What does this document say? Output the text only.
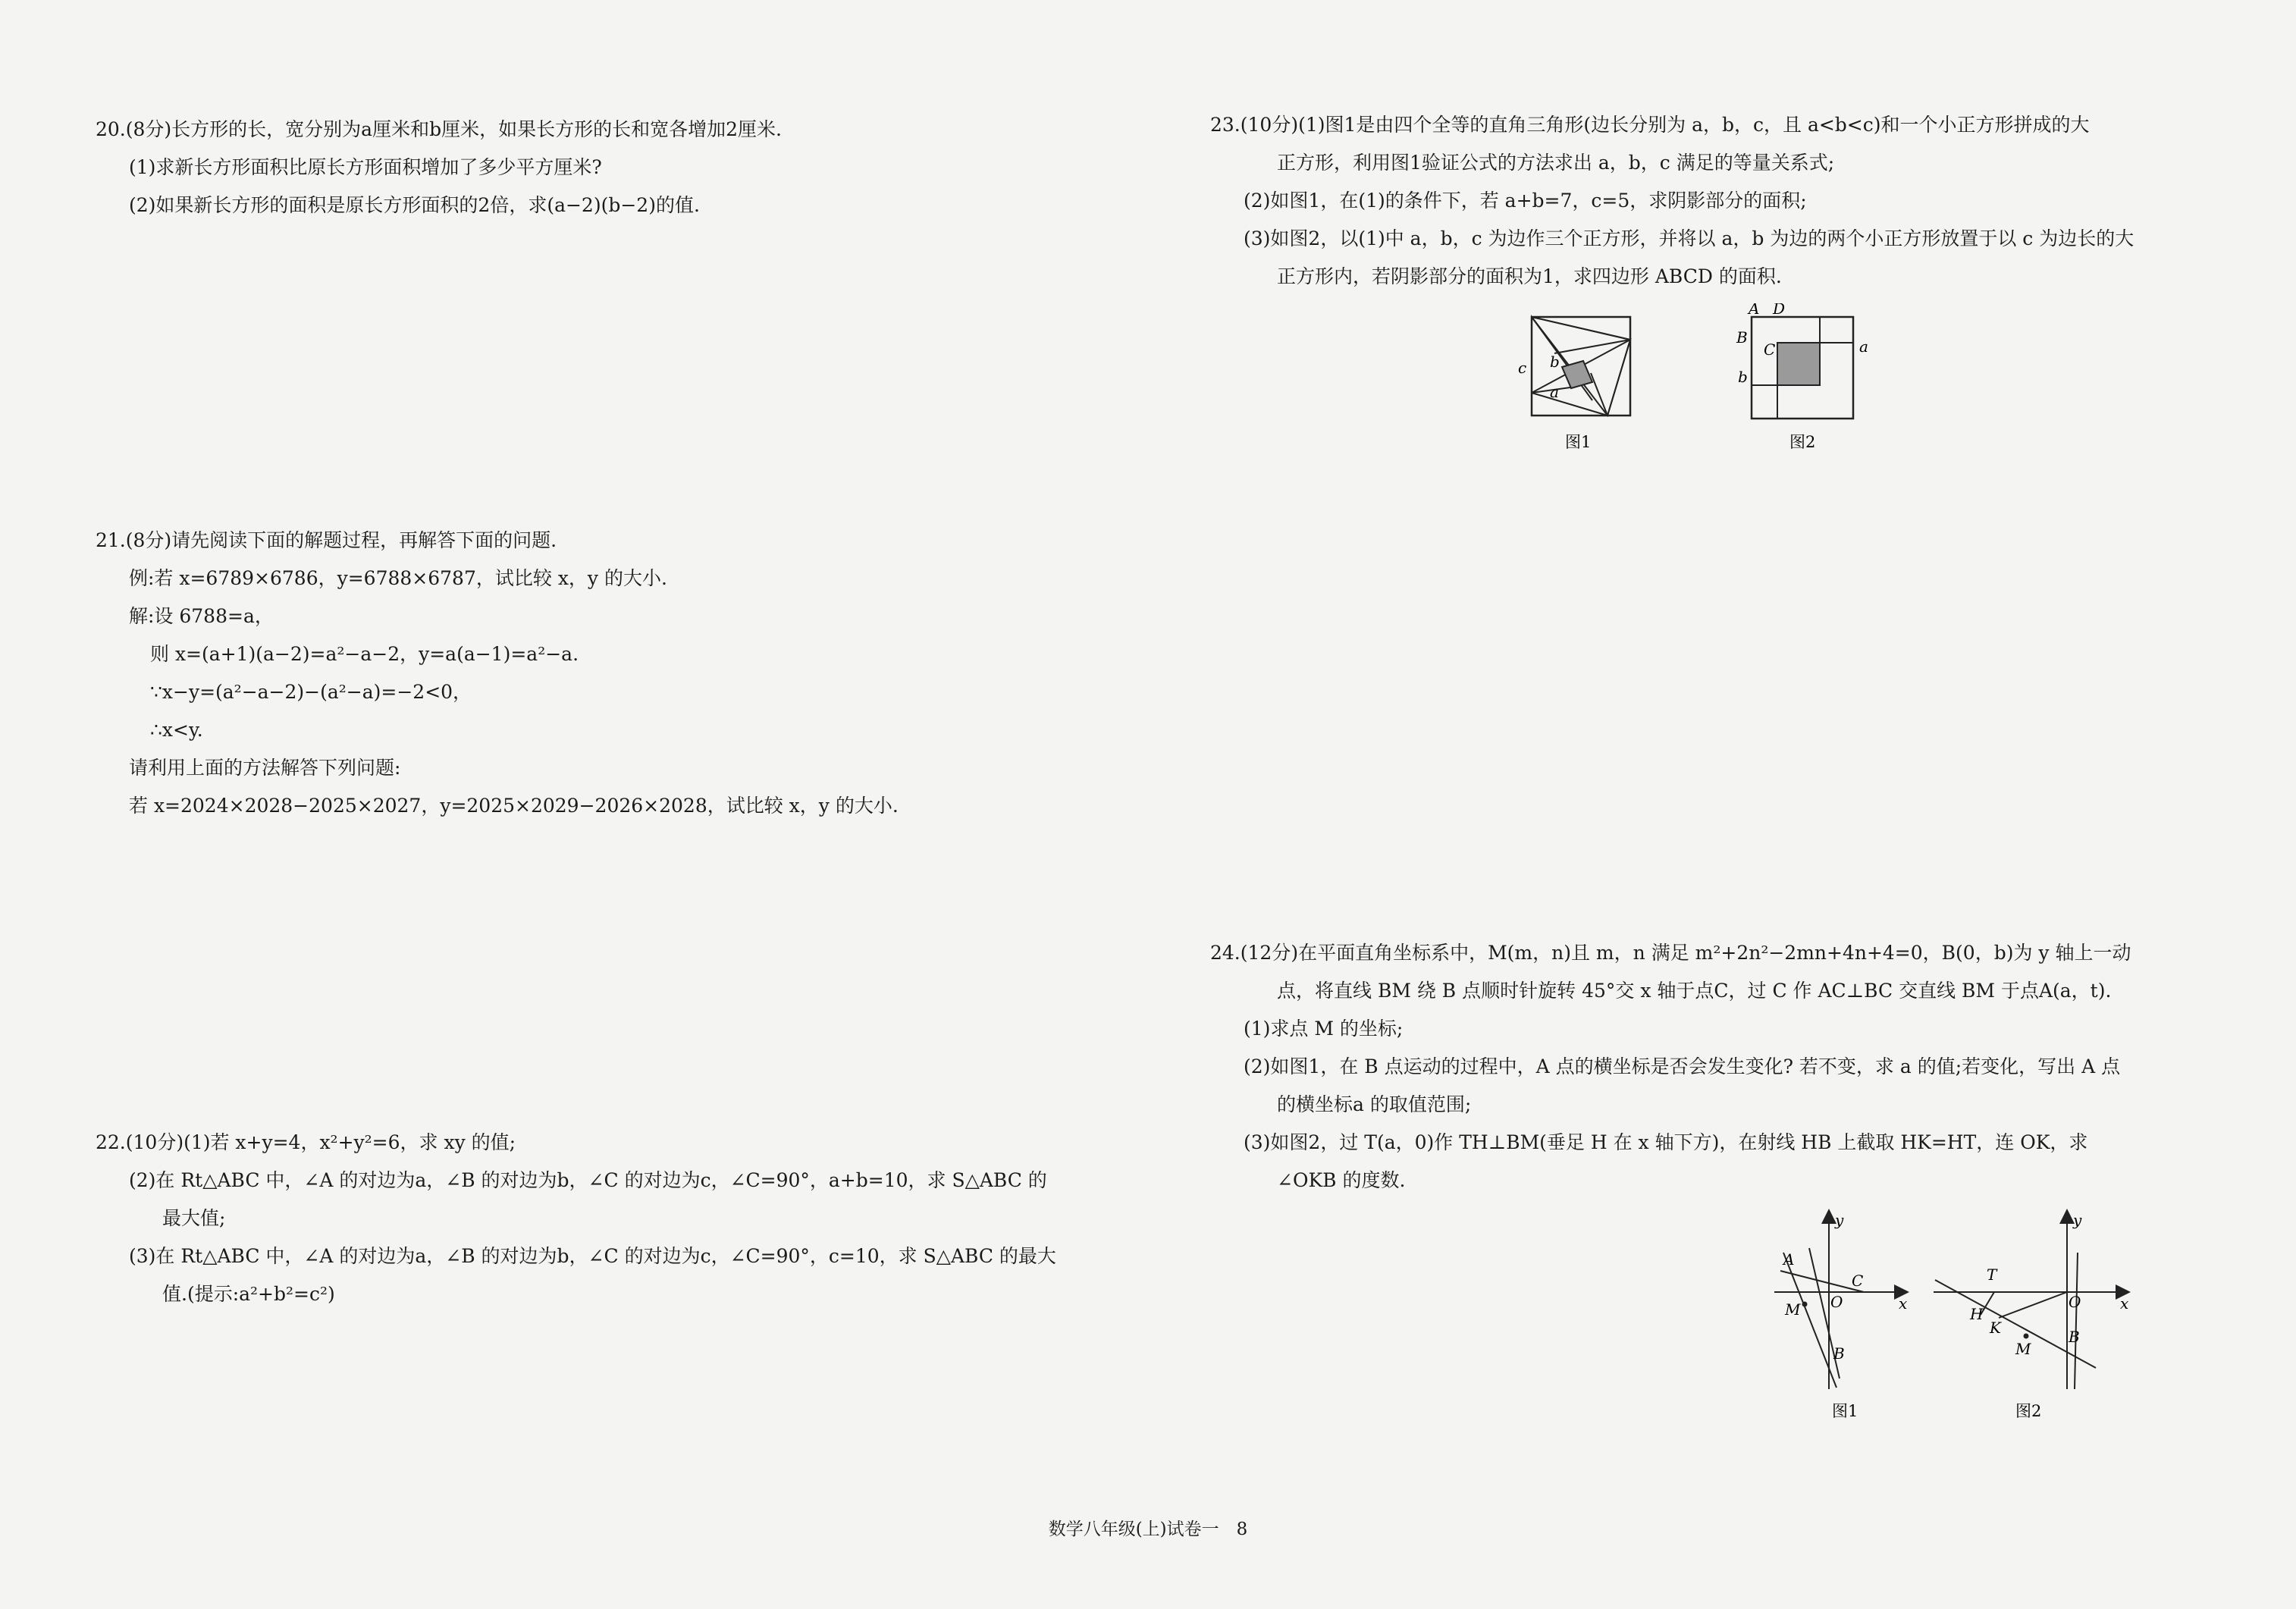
20.(8分)长方形的长，宽分别为a厘米和b厘米，如果长方形的长和宽各增加2厘米.
(1)求新长方形面积比原长方形面积增加了多少平方厘米?
(2)如果新长方形的面积是原长方形面积的2倍，求(a−2)(b−2)的值.
21.(8分)请先阅读下面的解题过程，再解答下面的问题.
例:若 x=6789×6786，y=6788×6787，试比较 x，y 的大小.
解:设 6788=a，
则 x=(a+1)(a−2)=a²−a−2，y=a(a−1)=a²−a.
∵x−y=(a²−a−2)−(a²−a)=−2<0，
∴x<y.
请利用上面的方法解答下列问题:
若 x=2024×2028−2025×2027，y=2025×2029−2026×2028，试比较 x，y 的大小.
22.(10分)(1)若 x+y=4，x²+y²=6，求 xy 的值;
(2)在 Rt△ABC 中，∠A 的对边为a，∠B 的对边为b，∠C 的对边为c，∠C=90°，a+b=10，求 S△ABC 的
最大值;
(3)在 Rt△ABC 中，∠A 的对边为a，∠B 的对边为b，∠C 的对边为c，∠C=90°，c=10，求 S△ABC 的最大
值.(提示:a²+b²=c²)
23.(10分)(1)图1是由四个全等的直角三角形(边长分别为 a，b，c，且 a<b<c)和一个小正方形拼成的大
正方形，利用图1验证公式的方法求出 a，b，c 满足的等量关系式;
(2)如图1，在(1)的条件下，若 a+b=7，c=5，求阴影部分的面积;
(3)如图2，以(1)中 a，b，c 为边作三个正方形，并将以 a，b 为边的两个小正方形放置于以 c 为边长的大
正方形内，若阴影部分的面积为1，求四边形 ABCD 的面积.
c b
a
图1
A D
B
C	a
b
图2
24.(12分)在平面直角坐标系中，M(m，n)且 m，n 满足 m²+2n²−2mn+4n+4=0，B(0，b)为 y 轴上一动
点，将直线 BM 绕 B 点顺时针旋转 45°交 x 轴于点C，过 C 作 AC⊥BC 交直线 BM 于点A(a，t).
(1)求点 M 的坐标;
(2)如图1，在 B 点运动的过程中，A 点的横坐标是否会发生变化? 若不变，求 a 的值;若变化，写出 A 点
的横坐标a 的取值范围;
(3)如图2，过 T(a，0)作 TH⊥BM(垂足 H 在 x 轴下方)，在射线 HB 上截取 HK=HT，连 OK，求
∠OKB 的度数.
y
A
C
O	x
M
B
图1
y
T
O	x
H
K
M
B
图2
数学八年级(上)试卷一　8
